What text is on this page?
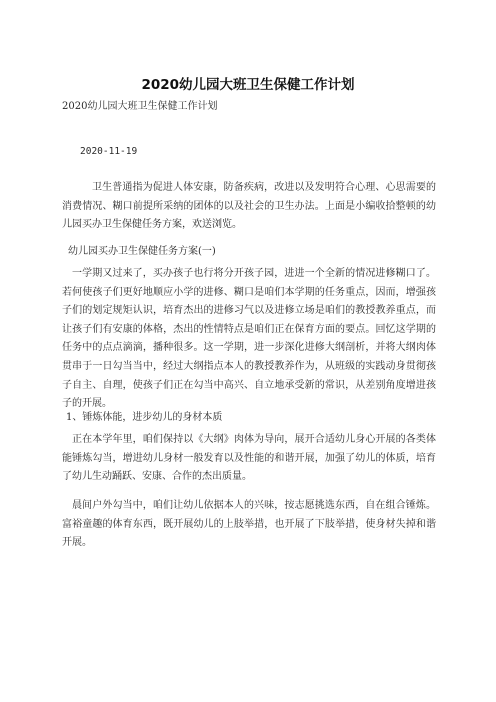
2020幼儿园大班卫生保健工作计划
2020幼儿园大班卫生保健工作计划
2020-11-19
卫生普通指为促进人体安康，防备疾病，改进以及发明符合心理、心思需要的消费情况、糊口前提所采纳的团体的以及社会的卫生办法。上面是小编收拾整顿的幼儿园买办卫生保健任务方案，欢送浏览。
幼儿园买办卫生保健任务方案(一)
一学期又过来了，买办孩子也行将分开孩子园，进进一个全新的情况进修糊口了。若何使孩子们更好地顺应小学的进修、糊口是咱们本学期的任务重点，因而，增强孩子们的划定规矩认识，培育杰出的进修习气以及进修立场是咱们的教授教养重点，而让孩子们有安康的体格，杰出的性情特点是咱们正在保育方面的要点。回忆这学期的任务中的点点滴滴，播种很多。这一学期，进一步深化进修大纲剖析，并将大纲肉体贯串于一日勾当当中，经过大纲指点本人的教授教养作为，从班级的实践动身贯彻孩子自主、自理，使孩子们正在勾当中高兴、自立地承受新的常识，从差别角度增进孩子的开展。
1、锤炼体能，进步幼儿的身材本质
正在本学年里，咱们保持以《大纲》肉体为导向，展开合适幼儿身心开展的各类体能锤炼勾当，增进幼儿身材一般发育以及性能的和谐开展，加强了幼儿的体质，培育了幼儿生动踊跃、安康、合作的杰出质量。
晨间户外勾当中，咱们让幼儿依据本人的兴味，按志愿挑选东西，自在组合锤炼。富裕童趣的体育东西，既开展幼儿的上肢举措，也开展了下肢举措，使身材失掉和谐开展。
